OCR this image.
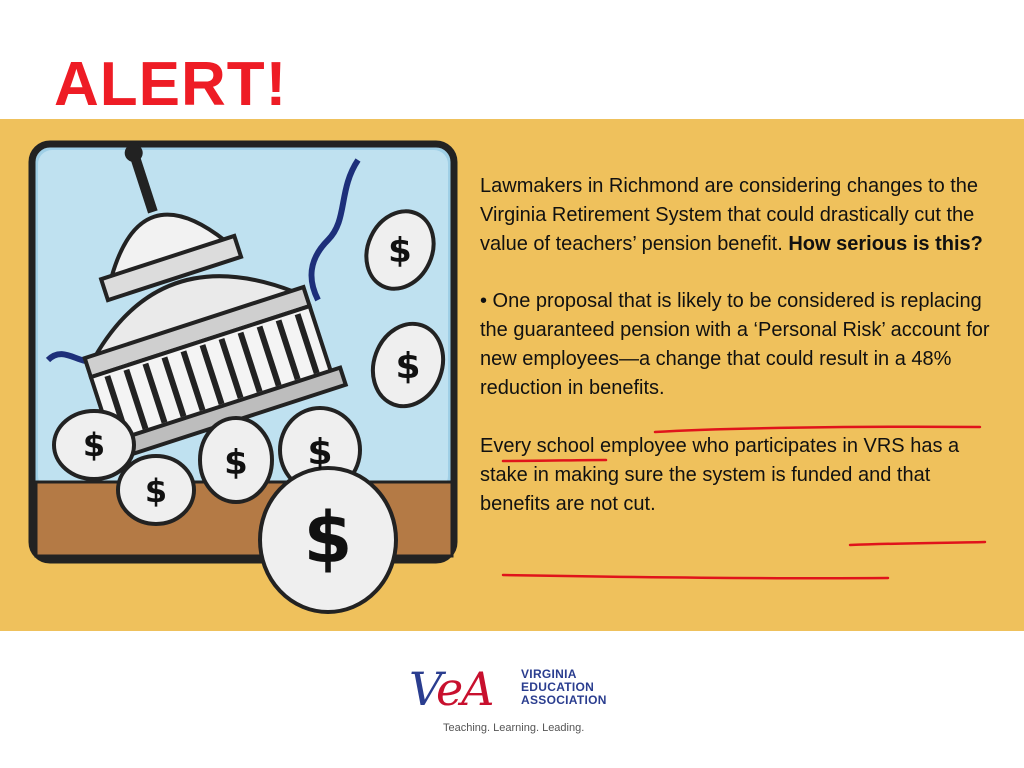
ALERT!
$
$
$
$
$ $
$

Lawmakers in Richmond are considering changes to the Virginia Retirement System that could drastically cut the value of teachers’ pension benefit. How serious is this?

• One proposal that is likely to be considered is replacing the guaranteed pension with a ‘Personal Risk’ account for new employees—a change that could result in a 48% reduction in benefits.

Every school employee who participates in VRS has a stake in making sure the system is funded and that benefits are not cut.

VeA VIRGINIA
EDUCATION
ASSOCIATION
Teaching. Learning. Leading.
